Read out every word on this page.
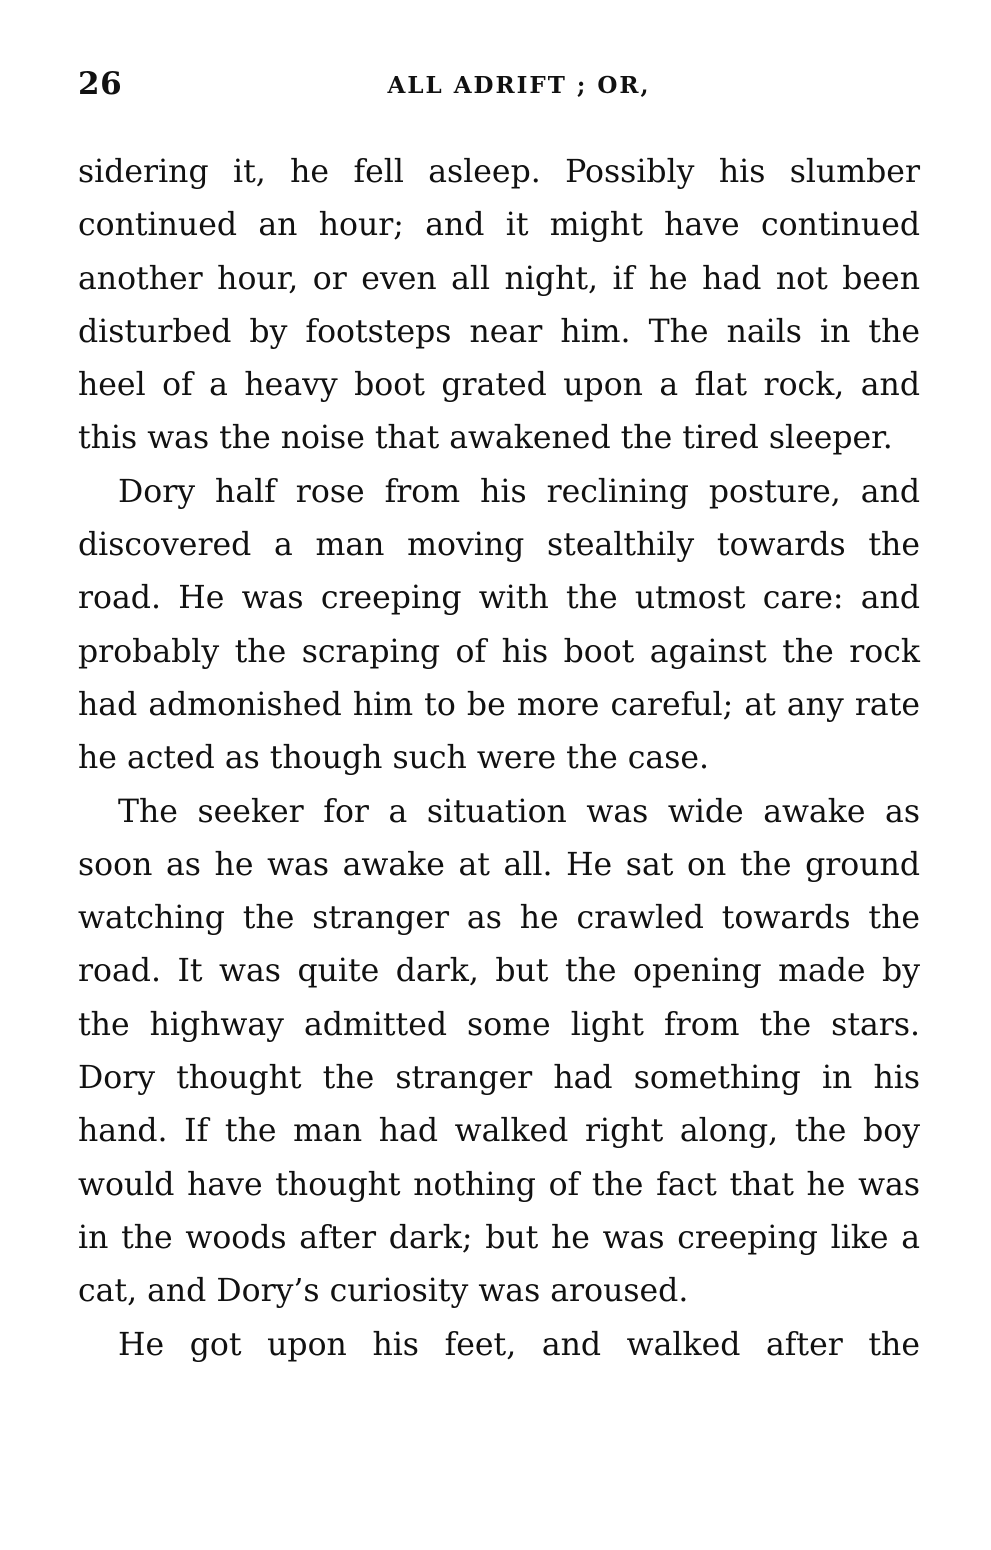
26	ALL ADRIFT ; OR,

sidering it, he fell asleep. Possibly his slumber continued an hour; and it might have continued another hour, or even all night, if he had not been disturbed by footsteps near him. The nails in the heel of a heavy boot grated upon a flat rock, and this was the noise that awakened the tired sleeper.

Dory half rose from his reclining posture, and discovered a man moving stealthily towards the road. He was creeping with the utmost care: and probably the scraping of his boot against the rock had admonished him to be more careful; at any rate he acted as though such were the case.

The seeker for a situation was wide awake as soon as he was awake at all. He sat on the ground watching the stranger as he crawled towards the road. It was quite dark, but the opening made by the highway admitted some light from the stars. Dory thought the stranger had something in his hand. If the man had walked right along, the boy would have thought nothing of the fact that he was in the woods after dark; but he was creeping like a cat, and Dory’s curiosity was aroused.

He got upon his feet, and walked after the
